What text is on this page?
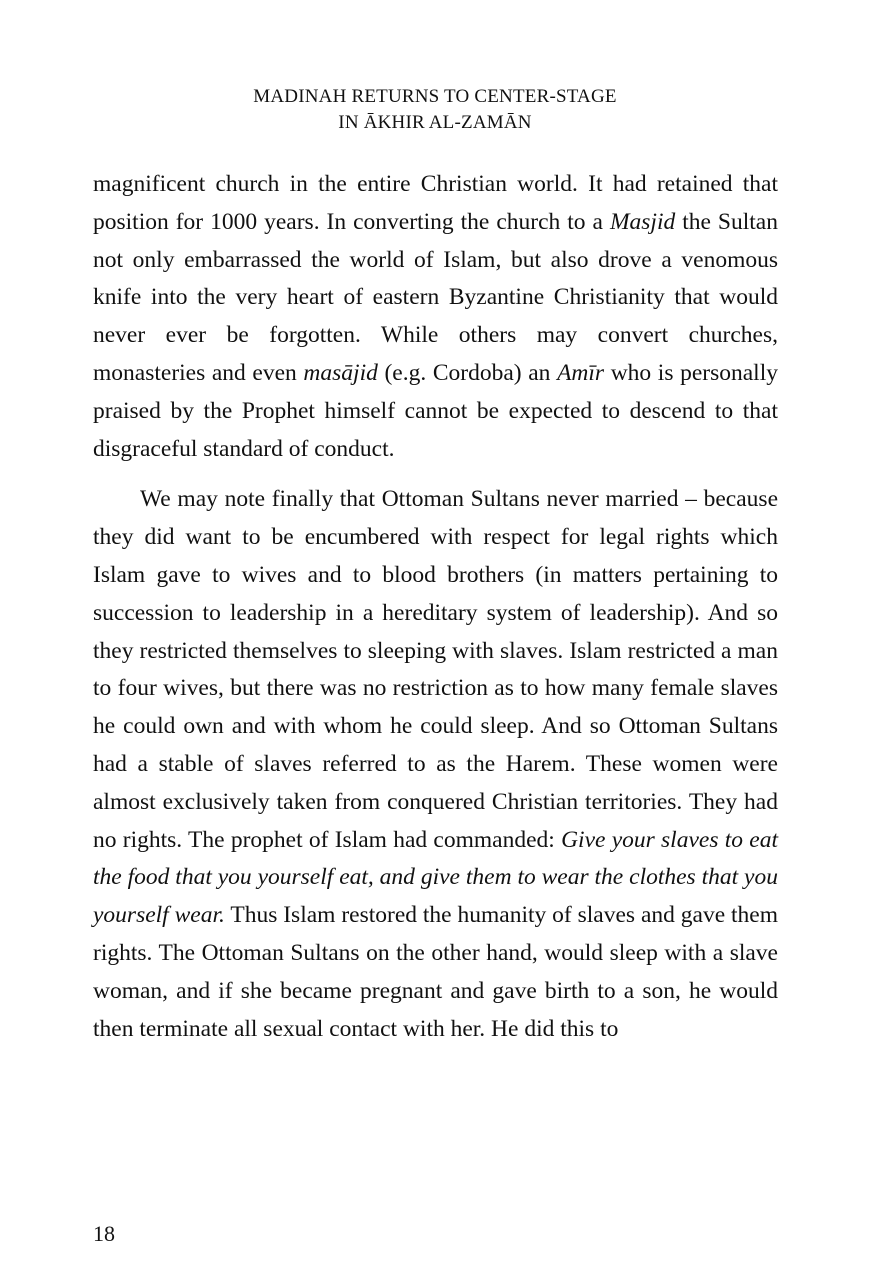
MADINAH RETURNS TO CENTER-STAGE
IN ĀKHIR AL-ZAMĀN

magnificent church in the entire Christian world. It had retained that position for 1000 years. In converting the church to a Masjid the Sultan not only embarrassed the world of Islam, but also drove a venomous knife into the very heart of eastern Byzantine Christianity that would never ever be forgotten. While others may convert churches, monasteries and even masājid (e.g. Cordoba) an Amīr who is personally praised by the Prophet himself cannot be expected to descend to that disgraceful standard of conduct.

We may note finally that Ottoman Sultans never married – because they did want to be encumbered with respect for legal rights which Islam gave to wives and to blood brothers (in matters pertaining to succession to leadership in a hereditary system of leadership). And so they restricted themselves to sleeping with slaves. Islam restricted a man to four wives, but there was no restriction as to how many female slaves he could own and with whom he could sleep. And so Ottoman Sultans had a stable of slaves referred to as the Harem. These women were almost exclusively taken from conquered Christian territories. They had no rights. The prophet of Islam had commanded: Give your slaves to eat the food that you yourself eat, and give them to wear the clothes that you yourself wear. Thus Islam restored the humanity of slaves and gave them rights. The Ottoman Sultans on the other hand, would sleep with a slave woman, and if she became pregnant and gave birth to a son, he would then terminate all sexual contact with her. He did this to

18
